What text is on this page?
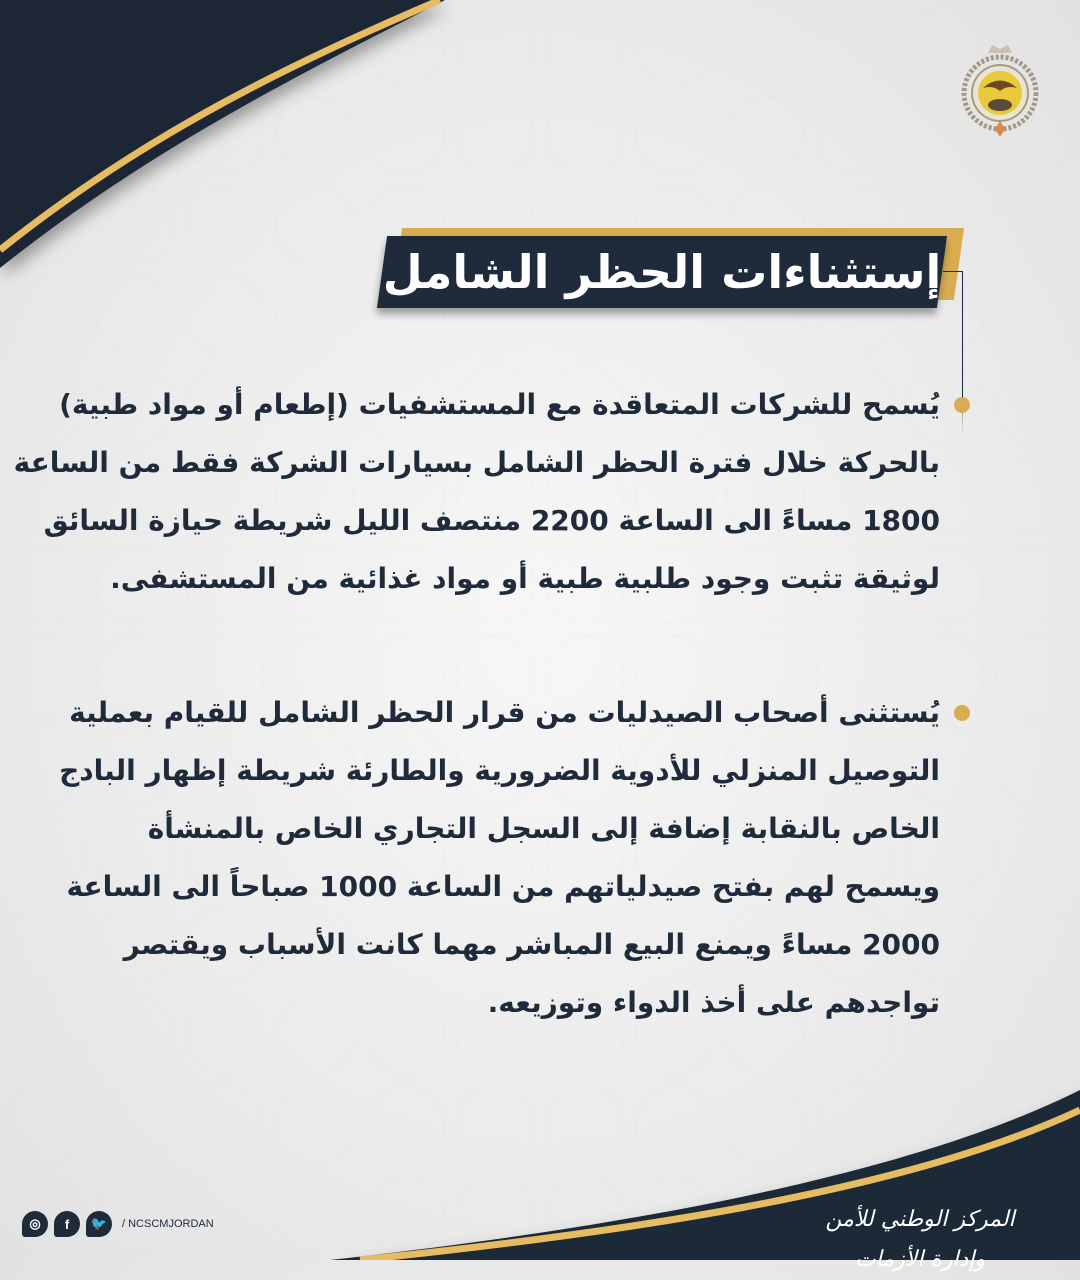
إستثناءات الحظر الشامل
يُسمح للشركات المتعاقدة مع المستشفيات (إطعام أو مواد طبية)
بالحركة خلال فترة الحظر الشامل بسيارات الشركة فقط من الساعة
1800 مساءً الى الساعة 2200 منتصف الليل شريطة حيازة السائق
لوثيقة تثبت وجود طلبية طبية أو مواد غذائية من المستشفى.
يُستثنى أصحاب الصيدليات من قرار الحظر الشامل للقيام بعملية
التوصيل المنزلي للأدوية الضرورية والطارئة شريطة إظهار البادج
الخاص بالنقابة إضافة إلى السجل التجاري الخاص بالمنشأة
ويسمح لهم بفتح صيدلياتهم من الساعة 1000 صباحاً الى الساعة
2000 مساءً ويمنع البيع المباشر مهما كانت الأسباب ويقتصر
تواجدهم على أخذ الدواء وتوزيعه.
◎	f	🐦	/ NCSCMJORDAN	المركز الوطني للأمن وإدارة الأزمات
